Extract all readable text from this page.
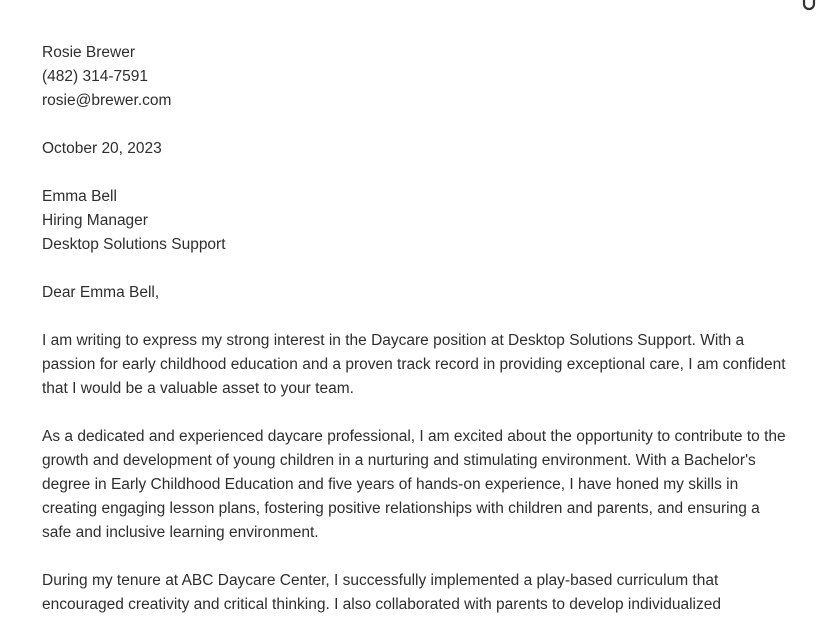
Rosie Brewer
(482) 314-7591
rosie@brewer.com
October 20, 2023
Emma Bell
Hiring Manager
Desktop Solutions Support
Dear Emma Bell,

I am writing to express my strong interest in the Daycare position at Desktop Solutions Support. With a passion for early childhood education and a proven track record in providing exceptional care, I am confident that I would be a valuable asset to your team.

As a dedicated and experienced daycare professional, I am excited about the opportunity to contribute to the growth and development of young children in a nurturing and stimulating environment. With a Bachelor's degree in Early Childhood Education and five years of hands-on experience, I have honed my skills in creating engaging lesson plans, fostering positive relationships with children and parents, and ensuring a safe and inclusive learning environment.

During my tenure at ABC Daycare Center, I successfully implemented a play-based curriculum that encouraged creativity and critical thinking. I also collaborated with parents to develop individualized
